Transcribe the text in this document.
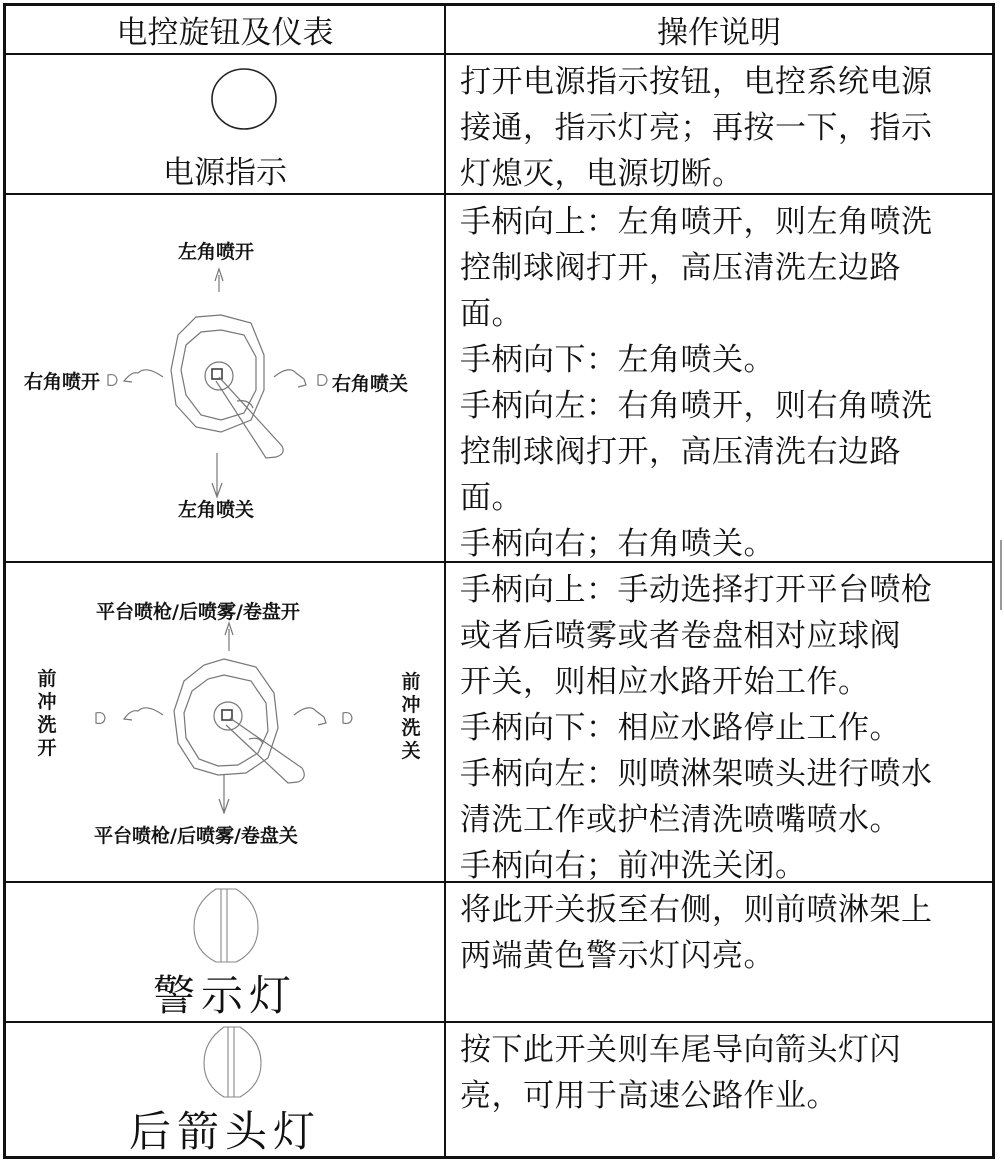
电控旋钮及仪表	操作说明
电源指示
打开电源指示按钮，电控系统电源
接通，指示灯亮；再按一下，指示
灯熄灭，电源切断。
左角喷开
左角喷关
右角喷开	右角喷关
手柄向上：左角喷开，则左角喷洗
控制球阀打开，高压清洗左边路
面。
手柄向下：左角喷关。
手柄向左：右角喷开，则右角喷洗
控制球阀打开，高压清洗右边路
面。
手柄向右；右角喷关。
平台喷枪/后喷雾/卷盘开
平台喷枪/后喷雾/卷盘关
前冲洗开
前冲洗关
手柄向上：手动选择打开平台喷枪
或者后喷雾或者卷盘相对应球阀
开关，则相应水路开始工作。
手柄向下：相应水路停止工作。
手柄向左：则喷淋架喷头进行喷水
清洗工作或护栏清洗喷嘴喷水。
手柄向右；前冲洗关闭。
警示灯
将此开关扳至右侧，则前喷淋架上
两端黄色警示灯闪亮。
后箭头灯
按下此开关则车尾导向箭头灯闪
亮，可用于高速公路作业。
